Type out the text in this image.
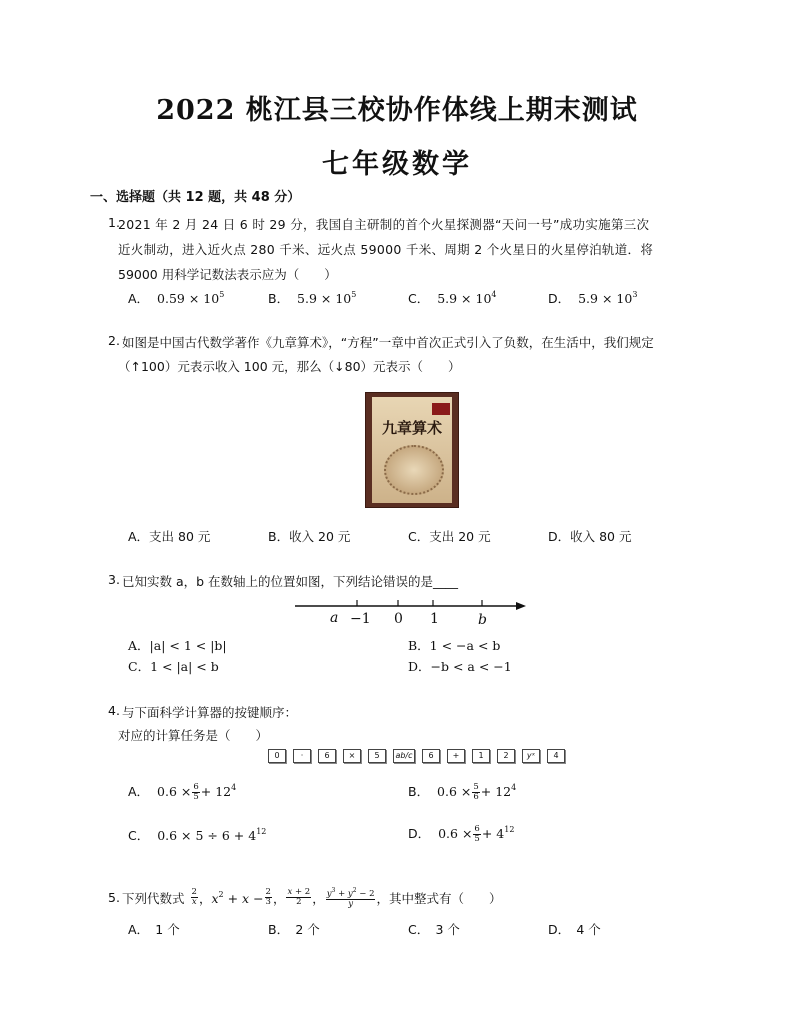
2022 桃江县三校协作体线上期末测试
七年级数学
一、选择题（共 12 题，共 48 分）
1.
2021 年 2 月 24 日 6 时 29 分，我国自主研制的首个火星探测器“天问一号”成功实施第三次
近火制动，进入近火点 280 千米、远火点 59000 千米、周期 2 个火星日的火星停泊轨道．将
59000 用科学记数法表示应为（　　）
A． $0.59 \times 10^5$	B． $5.9 \times 10^5$	C． $5.9 \times 10^4$	D． $5.9 \times 10^3$
2. 如图是中国古代数学著作《九章算术》，“方程”一章中首次正式引入了负数，在生活中，我们规定
（↑100）元表示收入 100 元，那么（↓80）元表示（　　）
九章算术
A．支出 80 元	B．收入 20 元	C．支出 20 元	D．收入 80 元
3. 已知实数 a，b 在数轴上的位置如图，下列结论错误的是____
a −1 0 1	b
A．|a| < 1 < |b|	B．1 < −a < b
C．1 < |a| < b	D．−b < a < −1
4. 与下面科学计算器的按键顺序：
对应的计算任务是（　　）
0	·	6	×	5	ab/c	6	+	1	2	yˣ	4
A． $0.6 \times \frac{6}{5} + 12^4$	B． $0.6 \times \frac{5}{6} + 12^4$
C． $0.6 \times 5 \div 6 + 4^{12}$	D． $0.6 \times \frac{6}{5} + 4^{12}$
5. 下列代数式 $\frac{2}{x}$ ， $x^2 + x - \frac{2}{3}$ ， $\frac{x + 2}{2}$ ， $\frac{y^3 + y^2 - 2}{y}$ ，其中整式有（　　）
A．　1 个	B．　2 个	C．　3 个	D．　4 个
